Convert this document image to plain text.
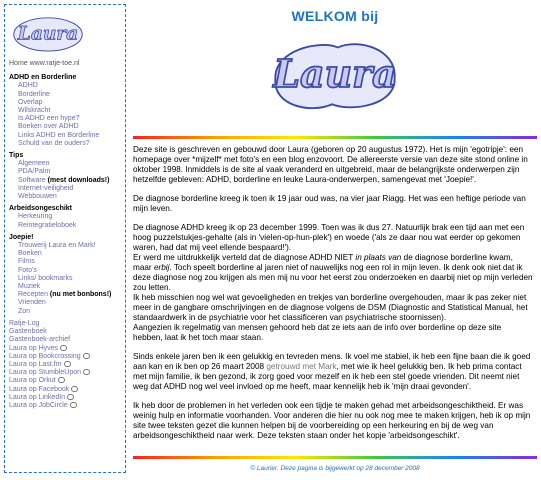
Laura
Home www.ratje-toe.nl
ADHD en Borderline
ADHD
Borderline
Overlap
Wilskracht
Is ADHD een hype?
Boeken over ADHD
Links ADHD en Borderline
Schuld van de ouders?
Tips
Algemeen
PDA/Palm
Software (mest downloads!)
Internet-veiligheid
Webbouwen
Arbeidsongeschikt
Herkeuring
Reintegratieloboek
Joepie!
Trouwerij Laura en Mark!
Boeken
Films
Foto's
Links/ bookmarks
Muziek
Recepten (nu met bonbons!)
Vrienden
Zon
Ratje-Log
Gastenboek
Gastenboek-archief
Laura op Hyves
Laura op Bookcrossing
Laura op Last.fm
Laura op StumbleUpon
Laura op Orkut
Laura op Facebook
Laura op LinkedIn
Laura op JobCircle
WELKOM bij
Laura

Deze site is geschreven en gebouwd door Laura (geboren op 20 augustus 1972). Het is mijn 'egotripje': een homepage over *mijzelf* met foto's en een blog enzovoort. De allereerste versie van deze site stond online in oktober 1998. Inmiddels is de site al vaak veranderd en uitgebreid, maar de belangrijkste onderwerpen zijn hetzelfde gebleven: ADHD, borderline en leuke Laura-onderwerpen, samengevat met 'Joepie!'.

De diagnose borderline kreeg ik toen ik 19 jaar oud was, na vier jaar Riagg. Het was een heftige periode van mijn leven.

De diagnose ADHD kreeg ik op 23 december 1999. Toen was ik dus 27. Natuurlijk brak een tijd aan met een hoog puzzelstukjes-gehalte (als in 'vielen-op-hun-plek') en woede ('als ze daar nou wat eerder op gekomen waren, had dat mij veel ellende bespaard!').
Er werd me uitdrukkelijk verteld dat de diagnose ADHD NIET in plaats van de diagnose borderline kwam, maar erbij. Toch speelt borderline al jaren niet of nauwelijks nog een rol in mijn leven. Ik denk ook niet dat ik deze diagnose nog zou krijgen als men mij nu voor het eerst zou onderzoeken en daarbij niet op mijn verleden zou letten.
Ik heb misschien nog wel wat gevoeligheden en trekjes van borderline overgehouden, maar ik pas zeker niet meer in de gangbare omschrijvingen en de diagnose volgens de DSM (Diagnostic and Statistical Manual, het standaardwerk in de psychiatrie voor het classificeren van psychiatrische stoornissen).
Aangezien ik regelmatig van mensen gehoord heb dat ze iets aan de info over borderline op deze site hebben, laat ik het toch maar staan.

Sinds enkele jaren ben ik een gelukkig en tevreden mens. Ik voel me stabiel, ik heb een fijne baan die ik goed aan kan en ik ben op 26 maart 2008 getrouwd met Mark, met wie ik heel gelukkig ben. Ik heb prima contact met mijn familie, ik ben gezond, ik zorg goed voor mezelf en ik heb een stel goede vrienden. Dit neemt niet weg dat ADHD nog wel veel invloed op me heeft, maar kennelijk heb ik 'mijn draai gevonden'.

Ik heb door de problemen in het verleden ook een tijdje te maken gehad met arbeidsongeschiktheid. Er was weinig hulp en informatie voorhanden. Voor anderen die hier nu ook nog mee te maken krijgen, heb ik op mijn site twee teksten gezet die kunnen helpen bij de voorbereiding op een herkeuring en bij de weg van arbeidsongeschiktheid naar werk. Deze teksten staan onder het kopje 'arbeidsongeschikt'.

© Laurier. Deze pagina is bijgewerkt op 28 december 2008
